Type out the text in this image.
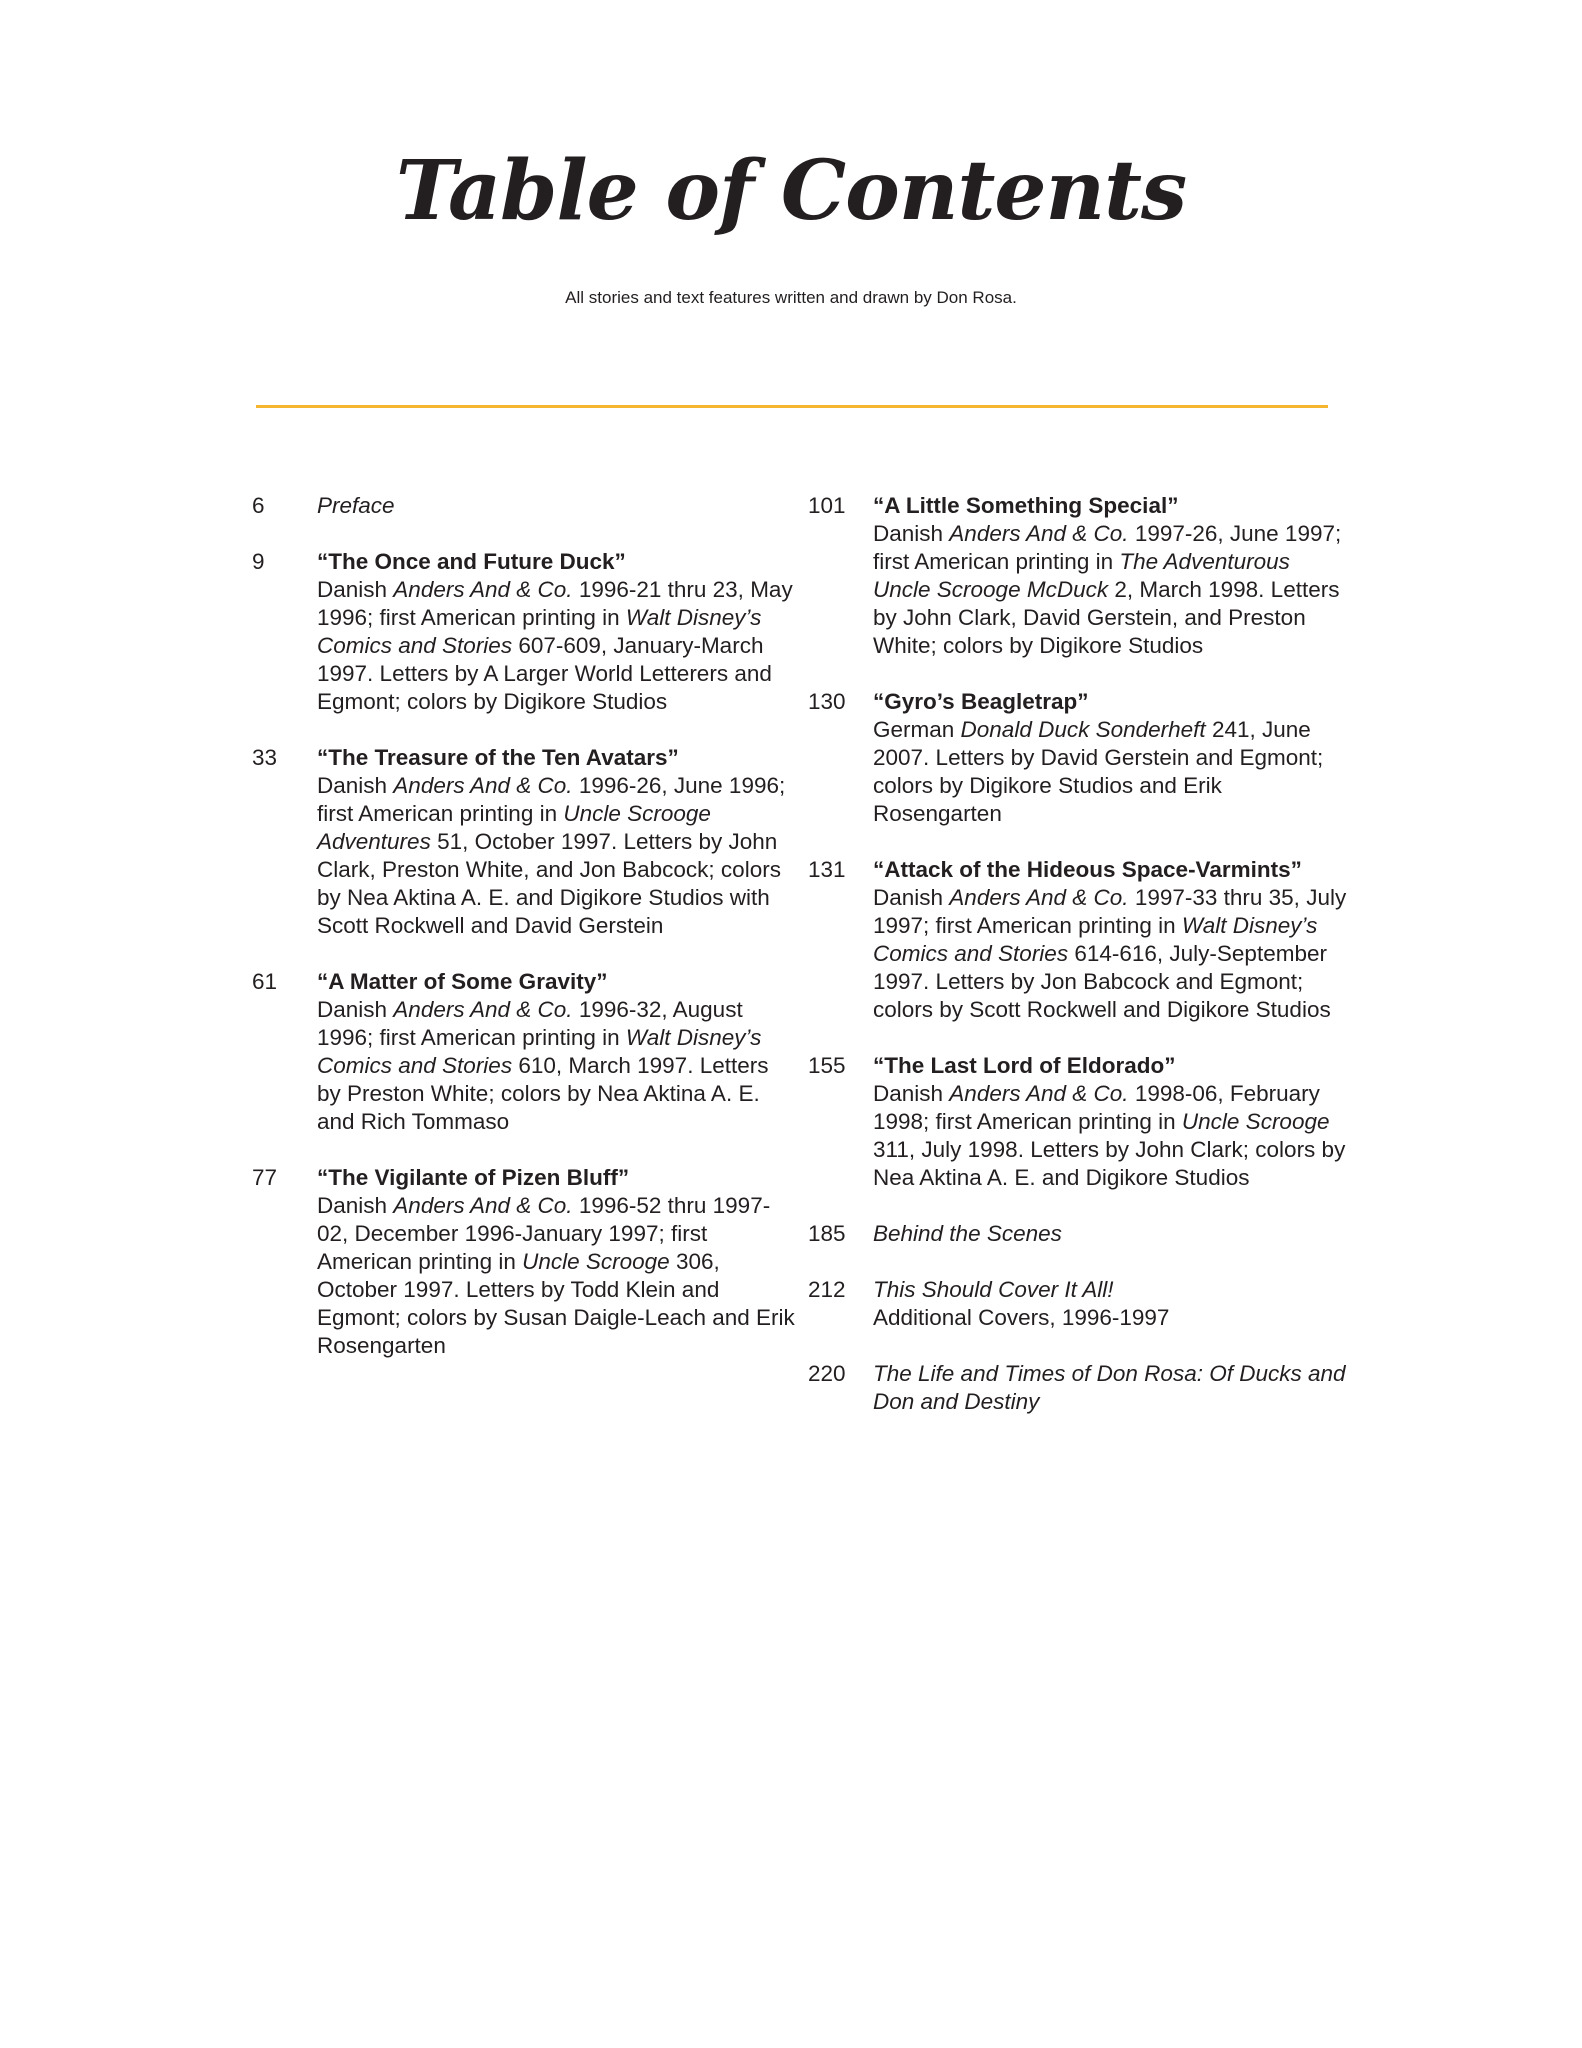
Table of Contents
All stories and text features written and drawn by Don Rosa.
6 Preface
9 “The Once and Future Duck”
Danish Anders And & Co. 1996-21 thru 23, May 1996; first American printing in Walt Disney’s Comics and Stories 607-609, January-March 1997. Letters by A Larger World Letterers and Egmont; colors by Digikore Studios
33 “The Treasure of the Ten Avatars”
Danish Anders And & Co. 1996-26, June 1996; first American printing in Uncle Scrooge Adventures 51, October 1997. Letters by John Clark, Preston White, and Jon Babcock; colors by Nea Aktina A. E. and Digikore Studios with Scott Rockwell and David Gerstein
61 “A Matter of Some Gravity”
Danish Anders And & Co. 1996-32, August 1996; first American printing in Walt Disney’s Comics and Stories 610, March 1997. Letters by Preston White; colors by Nea Aktina A. E. and Rich Tommaso
77 “The Vigilante of Pizen Bluff”
Danish Anders And & Co. 1996-52 thru 1997-02, December 1996-January 1997; first American printing in Uncle Scrooge 306, October 1997. Letters by Todd Klein and Egmont; colors by Susan Daigle-Leach and Erik Rosengarten
101 “A Little Something Special”
Danish Anders And & Co. 1997-26, June 1997; first American printing in The Adventurous Uncle Scrooge McDuck 2, March 1998. Letters by John Clark, David Gerstein, and Preston White; colors by Digikore Studios
130 “Gyro’s Beagletrap”
German Donald Duck Sonderheft 241, June 2007. Letters by David Gerstein and Egmont; colors by Digikore Studios and Erik Rosengarten
131 “Attack of the Hideous Space-Varmints”
Danish Anders And & Co. 1997-33 thru 35, July 1997; first American printing in Walt Disney’s Comics and Stories 614-616, July-September 1997. Letters by Jon Babcock and Egmont; colors by Scott Rockwell and Digikore Studios
155 “The Last Lord of Eldorado”
Danish Anders And & Co. 1998-06, February 1998; first American printing in Uncle Scrooge 311, July 1998. Letters by John Clark; colors by Nea Aktina A. E. and Digikore Studios
185 Behind the Scenes
212 This Should Cover It All!
Additional Covers, 1996-1997
220 The Life and Times of Don Rosa: Of Ducks and Don and Destiny
